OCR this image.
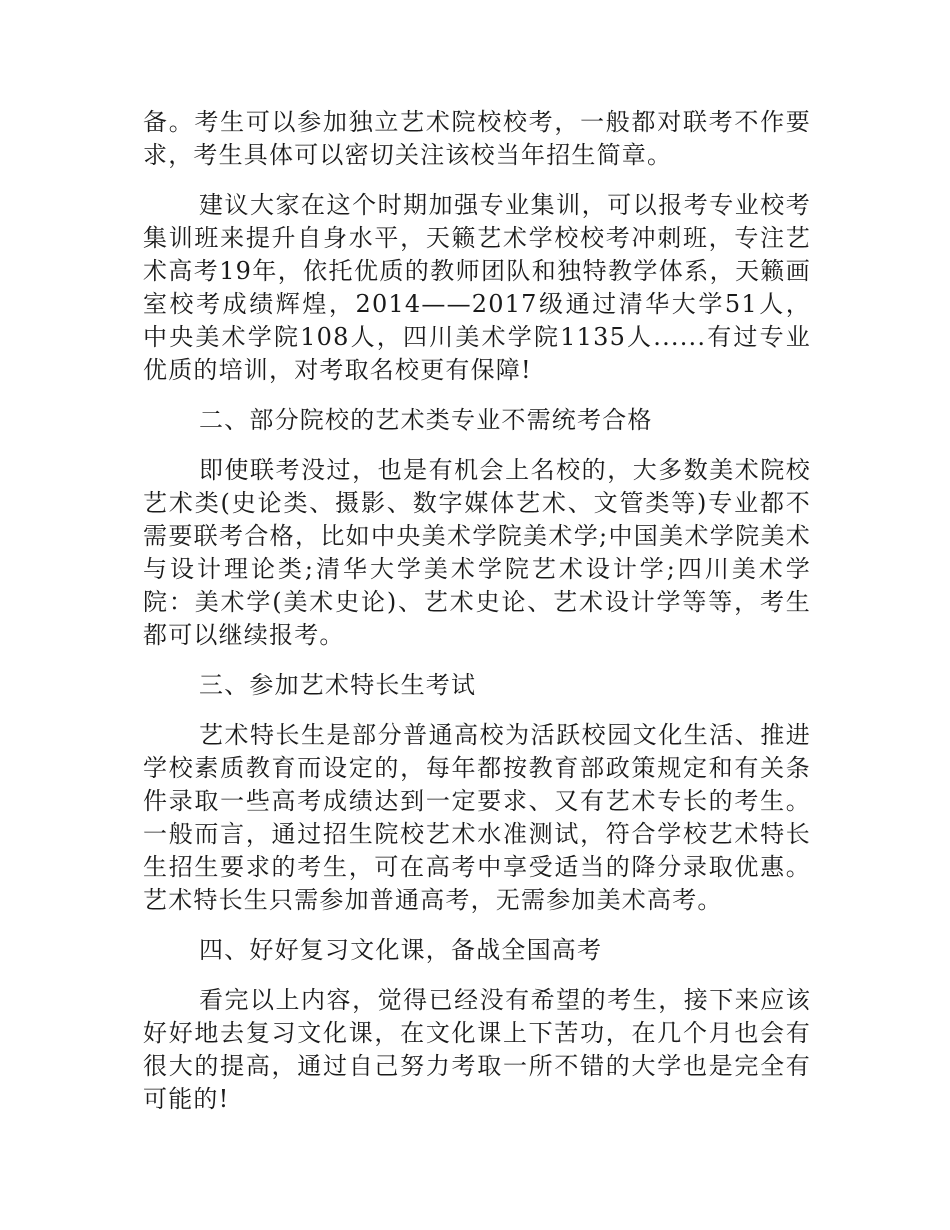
备。考生可以参加独立艺术院校校考，一般都对联考不作要求，考生具体可以密切关注该校当年招生简章。

建议大家在这个时期加强专业集训，可以报考专业校考集训班来提升自身水平，天籁艺术学校校考冲刺班，专注艺术高考19年，依托优质的教师团队和独特教学体系，天籁画室校考成绩辉煌，2014——2017级通过清华大学51人，中央美术学院108人，四川美术学院1135人......有过专业优质的培训，对考取名校更有保障!

二、部分院校的艺术类专业不需统考合格

即使联考没过，也是有机会上名校的，大多数美术院校艺术类(史论类、摄影、数字媒体艺术、文管类等)专业都不需要联考合格，比如中央美术学院美术学;中国美术学院美术与设计理论类;清华大学美术学院艺术设计学;四川美术学院：美术学(美术史论)、艺术史论、艺术设计学等等，考生都可以继续报考。

三、参加艺术特长生考试

艺术特长生是部分普通高校为活跃校园文化生活、推进学校素质教育而设定的，每年都按教育部政策规定和有关条件录取一些高考成绩达到一定要求、又有艺术专长的考生。一般而言，通过招生院校艺术水准测试，符合学校艺术特长生招生要求的考生，可在高考中享受适当的降分录取优惠。艺术特长生只需参加普通高考，无需参加美术高考。

四、好好复习文化课，备战全国高考

看完以上内容，觉得已经没有希望的考生，接下来应该好好地去复习文化课，在文化课上下苦功，在几个月也会有很大的提高，通过自己努力考取一所不错的大学也是完全有可能的!
